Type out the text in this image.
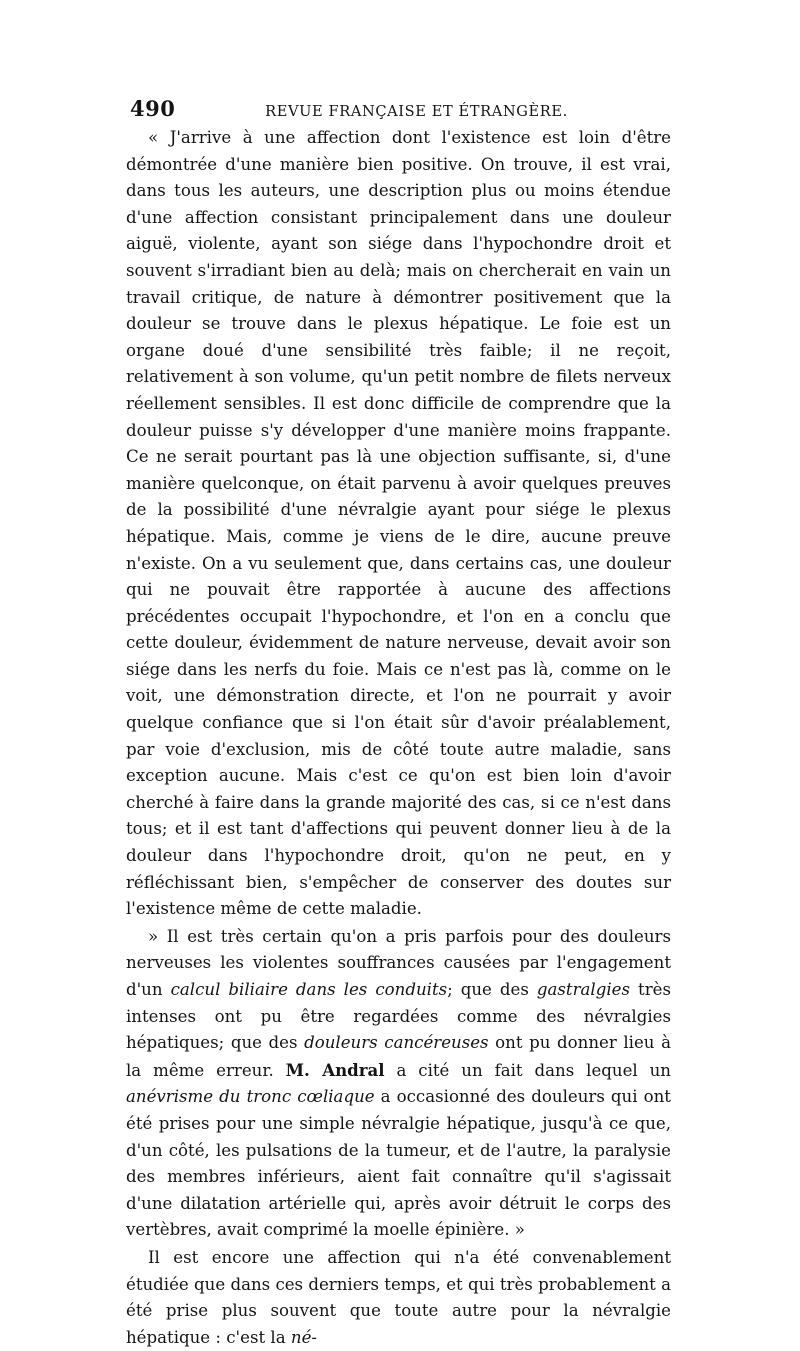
490	REVUE FRANÇAISE ET ÉTRANGÈRE.

« J'arrive à une affection dont l'existence est loin d'être démontrée d'une manière bien positive. On trouve, il est vrai, dans tous les auteurs, une description plus ou moins étendue d'une affection consistant principalement dans une douleur aiguë, violente, ayant son siége dans l'hypochondre droit et souvent s'irradiant bien au delà; mais on chercherait en vain un travail critique, de nature à démontrer positivement que la douleur se trouve dans le plexus hépatique. Le foie est un organe doué d'une sensibilité très faible; il ne reçoit, relativement à son volume, qu'un petit nombre de filets nerveux réellement sensibles. Il est donc difficile de comprendre que la douleur puisse s'y développer d'une manière moins frappante. Ce ne serait pourtant pas là une objection suffisante, si, d'une manière quelconque, on était parvenu à avoir quelques preuves de la possibilité d'une névralgie ayant pour siége le plexus hépatique. Mais, comme je viens de le dire, aucune preuve n'existe. On a vu seulement que, dans certains cas, une douleur qui ne pouvait être rapportée à aucune des affections précédentes occupait l'hypochondre, et l'on en a conclu que cette douleur, évidemment de nature nerveuse, devait avoir son siége dans les nerfs du foie. Mais ce n'est pas là, comme on le voit, une démonstration directe, et l'on ne pourrait y avoir quelque confiance que si l'on était sûr d'avoir préalablement, par voie d'exclusion, mis de côté toute autre maladie, sans exception aucune. Mais c'est ce qu'on est bien loin d'avoir cherché à faire dans la grande majorité des cas, si ce n'est dans tous; et il est tant d'affections qui peuvent donner lieu à de la douleur dans l'hypochondre droit, qu'on ne peut, en y réfléchissant bien, s'empêcher de conserver des doutes sur l'existence même de cette maladie.

» Il est très certain qu'on a pris parfois pour des douleurs nerveuses les violentes souffrances causées par l'engagement d'un calcul biliaire dans les conduits; que des gastralgies très intenses ont pu être regardées comme des névralgies hépatiques; que des douleurs cancéreuses ont pu donner lieu à la même erreur. M. Andral a cité un fait dans lequel un anévrisme du tronc cœliaque a occasionné des douleurs qui ont été prises pour une simple névralgie hépatique, jusqu'à ce que, d'un côté, les pulsations de la tumeur, et de l'autre, la paralysie des membres inférieurs, aient fait connaître qu'il s'agissait d'une dilatation artérielle qui, après avoir détruit le corps des vertèbres, avait comprimé la moelle épinière. »

Il est encore une affection qui n'a été convenablement étudiée que dans ces derniers temps, et qui très probablement a été prise plus souvent que toute autre pour la névralgie hépatique : c'est la né-
